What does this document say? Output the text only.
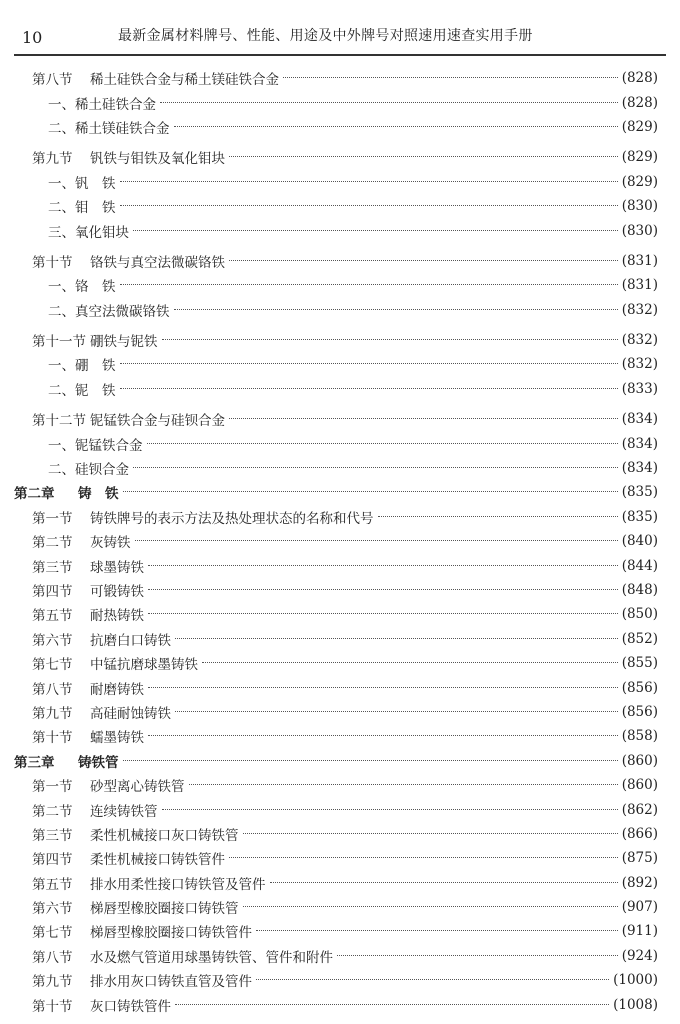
10	最新金属材料牌号、性能、用途及中外牌号对照速用速查实用手册
第八节	稀土硅铁合金与稀土镁硅铁合金	(828)
一、稀土硅铁合金	(828)
二、稀土镁硅铁合金	(829)
第九节	钒铁与钼铁及氧化钼块	(829)
一、钒　铁	(829)
二、钼　铁	(830)
三、氧化钼块	(830)
第十节	铬铁与真空法微碳铬铁	(831)
一、铬　铁	(831)
二、真空法微碳铬铁	(832)
第十一节 硼铁与铌铁	(832)
一、硼　铁	(832)
二、铌　铁	(833)
第十二节 铌锰铁合金与硅钡合金	(834)
一、铌锰铁合金	(834)
二、硅钡合金	(834)
第二章	铸　铁	(835)
第一节	铸铁牌号的表示方法及热处理状态的名称和代号	(835)
第二节	灰铸铁	(840)
第三节	球墨铸铁	(844)
第四节	可锻铸铁	(848)
第五节	耐热铸铁	(850)
第六节	抗磨白口铸铁	(852)
第七节	中锰抗磨球墨铸铁	(855)
第八节	耐磨铸铁	(856)
第九节	高硅耐蚀铸铁	(856)
第十节	蠕墨铸铁	(858)
第三章	铸铁管	(860)
第一节	砂型离心铸铁管	(860)
第二节	连续铸铁管	(862)
第三节	柔性机械接口灰口铸铁管	(866)
第四节	柔性机械接口铸铁管件	(875)
第五节	排水用柔性接口铸铁管及管件	(892)
第六节	梯唇型橡胶圈接口铸铁管	(907)
第七节	梯唇型橡胶圈接口铸铁管件	(911)
第八节	水及燃气管道用球墨铸铁管、管件和附件	(924)
第九节	排水用灰口铸铁直管及管件	(1000)
第十节	灰口铸铁管件	(1008)
